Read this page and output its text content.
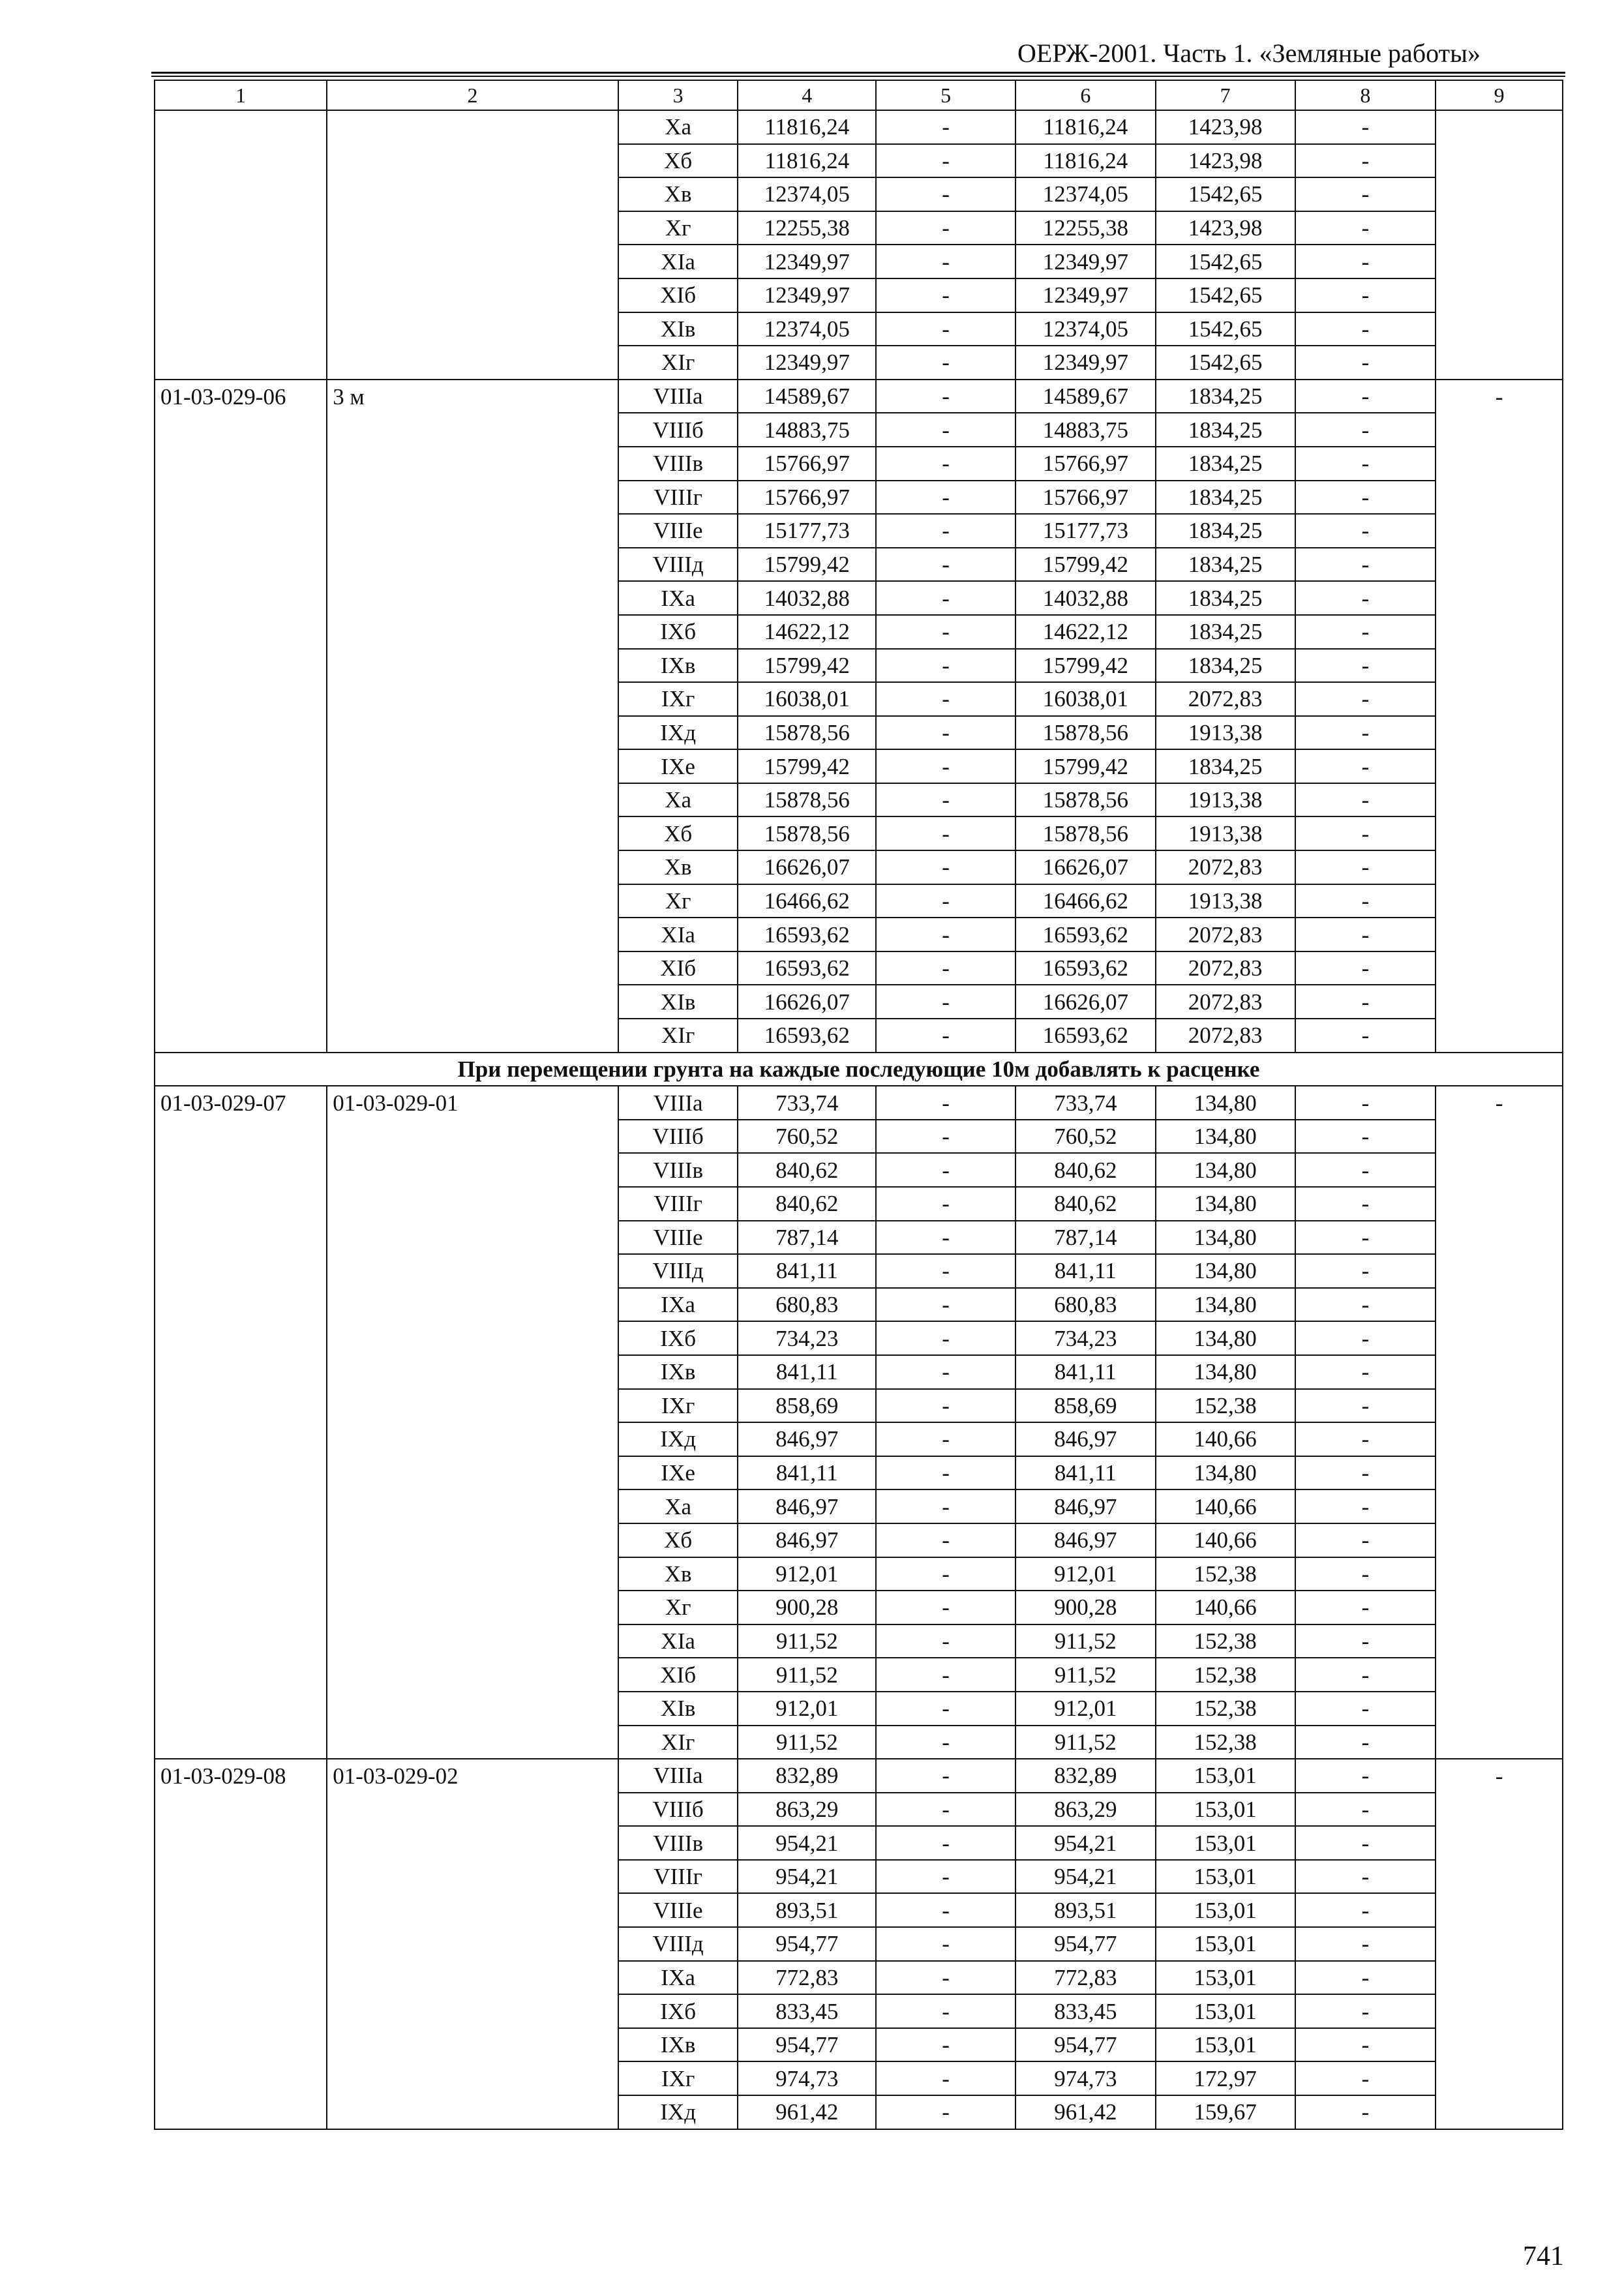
ОЕРЖ-2001. Часть 1. «Земляные работы»
1	2	3	4	5	6	7	8	9
		Xa	11816,24	-	11816,24	1423,98	-	
		Xб	11816,24	-	11816,24	1423,98	-	
		Xв	12374,05	-	12374,05	1542,65	-	
		Xг	12255,38	-	12255,38	1423,98	-	
		XIa	12349,97	-	12349,97	1542,65	-	
		XIб	12349,97	-	12349,97	1542,65	-	
		XIв	12374,05	-	12374,05	1542,65	-	
		XIг	12349,97	-	12349,97	1542,65	-	
01-03-029-06	3 м	VIIIa	14589,67	-	14589,67	1834,25	-	-
		VIIIб	14883,75	-	14883,75	1834,25	-	
		VIIIв	15766,97	-	15766,97	1834,25	-	
		VIIIг	15766,97	-	15766,97	1834,25	-	
		VIIIе	15177,73	-	15177,73	1834,25	-	
		VIIIд	15799,42	-	15799,42	1834,25	-	
		IXa	14032,88	-	14032,88	1834,25	-	
		IXб	14622,12	-	14622,12	1834,25	-	
		IXв	15799,42	-	15799,42	1834,25	-	
		IXг	16038,01	-	16038,01	2072,83	-	
		IXд	15878,56	-	15878,56	1913,38	-	
		IXе	15799,42	-	15799,42	1834,25	-	
		Xa	15878,56	-	15878,56	1913,38	-	
		Xб	15878,56	-	15878,56	1913,38	-	
		Xв	16626,07	-	16626,07	2072,83	-	
		Xг	16466,62	-	16466,62	1913,38	-	
		XIa	16593,62	-	16593,62	2072,83	-	
		XIб	16593,62	-	16593,62	2072,83	-	
		XIв	16626,07	-	16626,07	2072,83	-	
		XIг	16593,62	-	16593,62	2072,83	-	
При перемещении грунта на каждые последующие 10м добавлять к расценке								
01-03-029-07	01-03-029-01	VIIIa	733,74	-	733,74	134,80	-	-
		VIIIб	760,52	-	760,52	134,80	-	
		VIIIв	840,62	-	840,62	134,80	-	
		VIIIг	840,62	-	840,62	134,80	-	
		VIIIе	787,14	-	787,14	134,80	-	
		VIIIд	841,11	-	841,11	134,80	-	
		IXa	680,83	-	680,83	134,80	-	
		IXб	734,23	-	734,23	134,80	-	
		IXв	841,11	-	841,11	134,80	-	
		IXг	858,69	-	858,69	152,38	-	
		IXд	846,97	-	846,97	140,66	-	
		IXе	841,11	-	841,11	134,80	-	
		Xa	846,97	-	846,97	140,66	-	
		Xб	846,97	-	846,97	140,66	-	
		Xв	912,01	-	912,01	152,38	-	
		Xг	900,28	-	900,28	140,66	-	
		XIa	911,52	-	911,52	152,38	-	
		XIб	911,52	-	911,52	152,38	-	
		XIв	912,01	-	912,01	152,38	-	
		XIг	911,52	-	911,52	152,38	-	
01-03-029-08	01-03-029-02	VIIIa	832,89	-	832,89	153,01	-	-
		VIIIб	863,29	-	863,29	153,01	-	
		VIIIв	954,21	-	954,21	153,01	-	
		VIIIг	954,21	-	954,21	153,01	-	
		VIIIе	893,51	-	893,51	153,01	-	
		VIIIд	954,77	-	954,77	153,01	-	
		IXa	772,83	-	772,83	153,01	-	
		IXб	833,45	-	833,45	153,01	-	
		IXв	954,77	-	954,77	153,01	-	
		IXг	974,73	-	974,73	172,97	-	
		IXд	961,42	-	961,42	159,67	-	
741
